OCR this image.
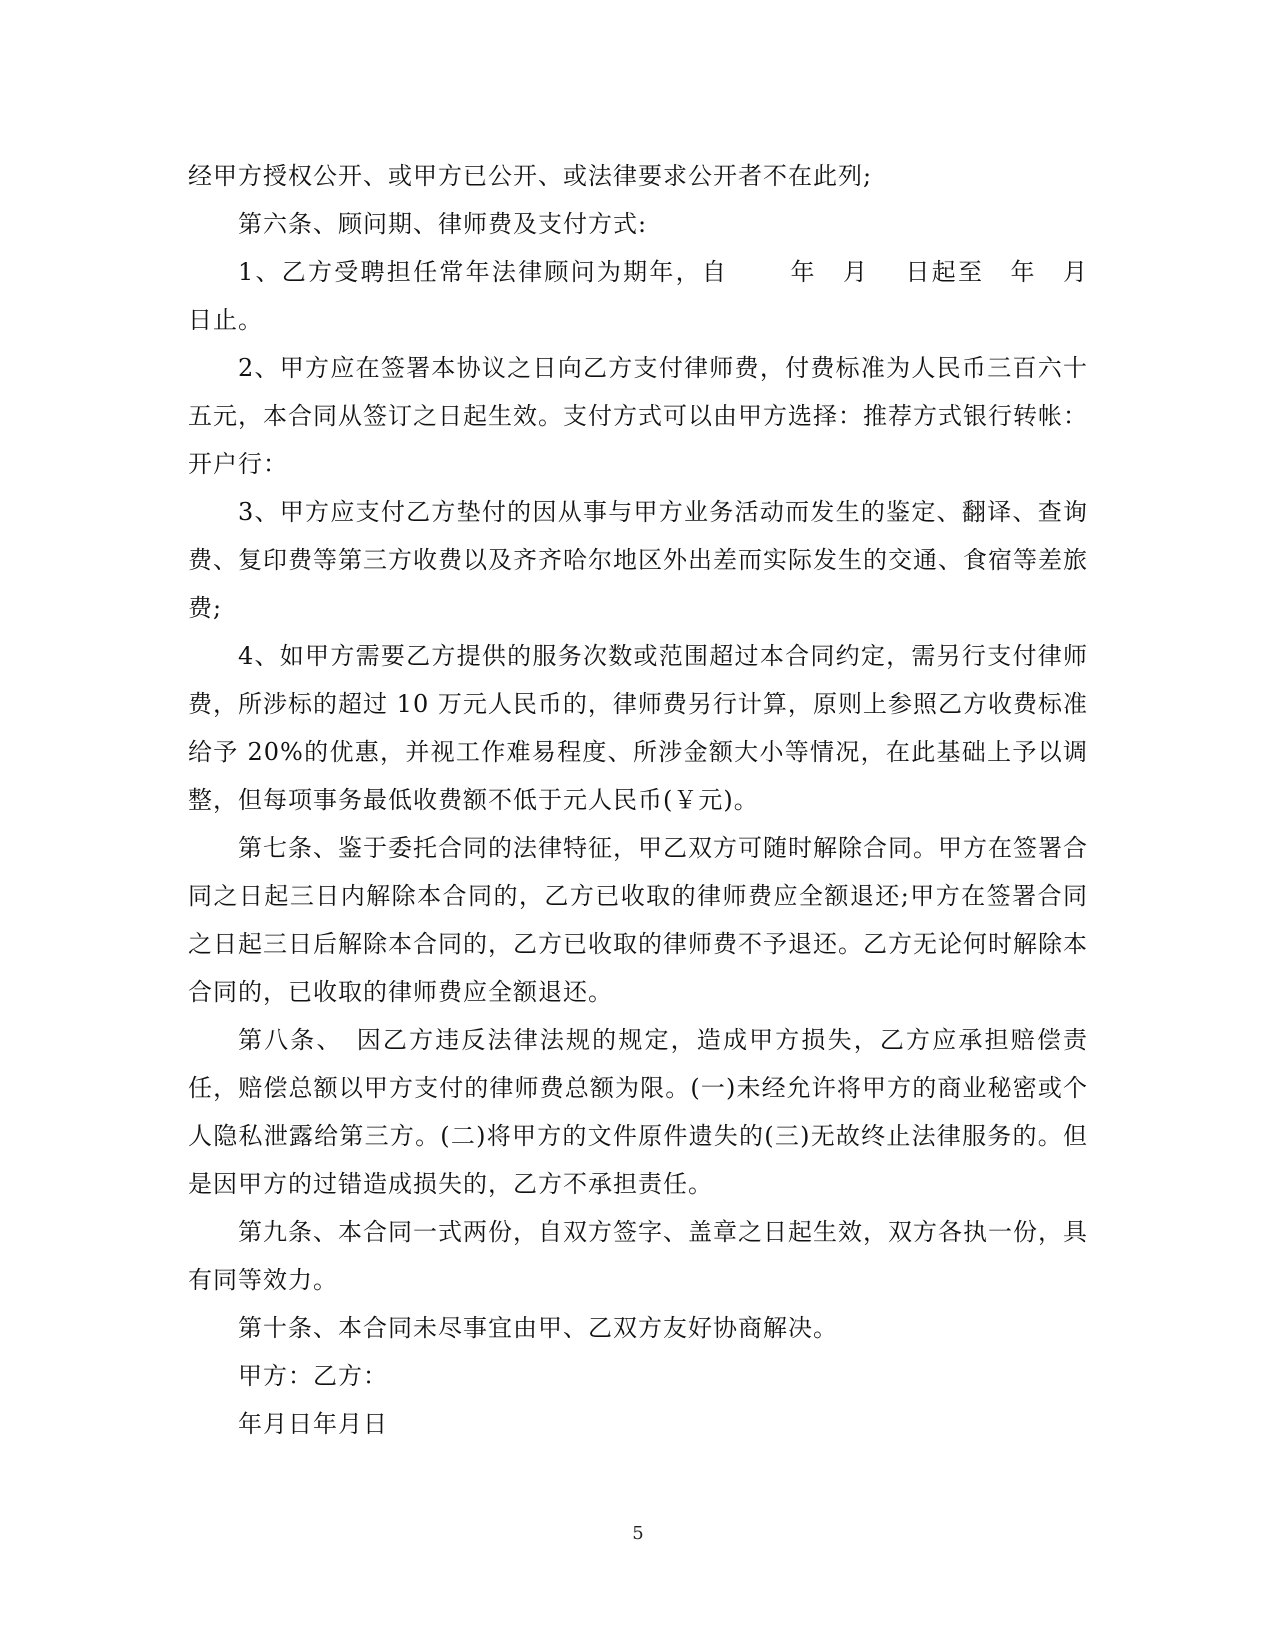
经甲方授权公开、或甲方已公开、或法律要求公开者不在此列;

第六条、顾问期、律师费及支付方式:

1、乙方受聘担任常年法律顾问为期年，自　　 年　月　 日起至　年　月　日止。

2、甲方应在签署本协议之日向乙方支付律师费，付费标准为人民币三百六十五元，本合同从签订之日起生效。支付方式可以由甲方选择：推荐方式银行转帐：开户行：

3、甲方应支付乙方垫付的因从事与甲方业务活动而发生的鉴定、翻译、查询费、复印费等第三方收费以及齐齐哈尔地区外出差而实际发生的交通、食宿等差旅费;

4、如甲方需要乙方提供的服务次数或范围超过本合同约定，需另行支付律师费，所涉标的超过 10 万元人民币的，律师费另行计算，原则上参照乙方收费标准给予 20%的优惠，并视工作难易程度、所涉金额大小等情况，在此基础上予以调整，但每项事务最低收费额不低于元人民币(￥元)。

第七条、鉴于委托合同的法律特征，甲乙双方可随时解除合同。甲方在签署合同之日起三日内解除本合同的，乙方已收取的律师费应全额退还;甲方在签署合同之日起三日后解除本合同的，乙方已收取的律师费不予退还。乙方无论何时解除本合同的，已收取的律师费应全额退还。

第八条、　因乙方违反法律法规的规定，造成甲方损失，乙方应承担赔偿责任，赔偿总额以甲方支付的律师费总额为限。(一)未经允许将甲方的商业秘密或个人隐私泄露给第三方。(二)将甲方的文件原件遗失的(三)无故终止法律服务的。但是因甲方的过错造成损失的，乙方不承担责任。

第九条、本合同一式两份，自双方签字、盖章之日起生效，双方各执一份，具有同等效力。

第十条、本合同未尽事宜由甲、乙双方友好协商解决。

甲方：乙方：

年月日年月日

5
